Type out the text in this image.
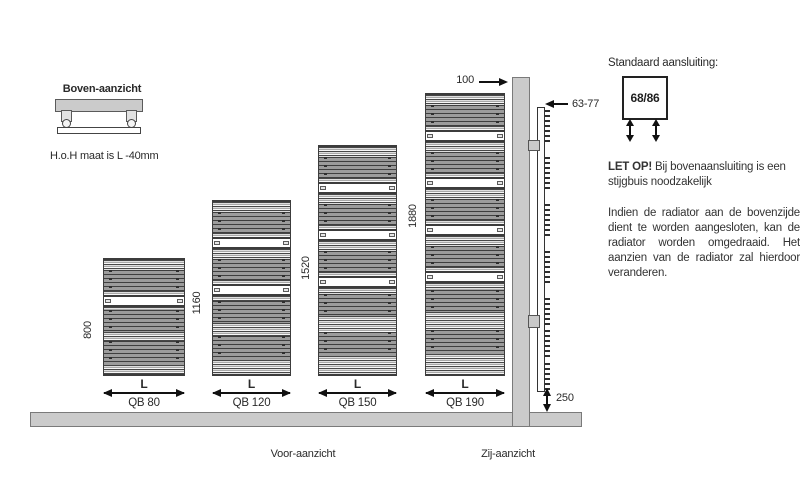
Boven-aanzicht
H.o.H maat is L -40mm
800
L
QB 80
1160
L
QB 120
1520
L
QB 150
1880
L
QB 190
100
63-77
250
Voor-aanzicht	Zij-aanzicht
Standaard aansluiting:
68/86
LET OP! Bij bovenaansluiting is een stijgbuis noodzakelijk
Indien de radiator aan de bovenzijde dient te worden aangesloten, kan de radiator worden omgedraaid. Het aanzien van de radiator zal hierdoor veranderen.
